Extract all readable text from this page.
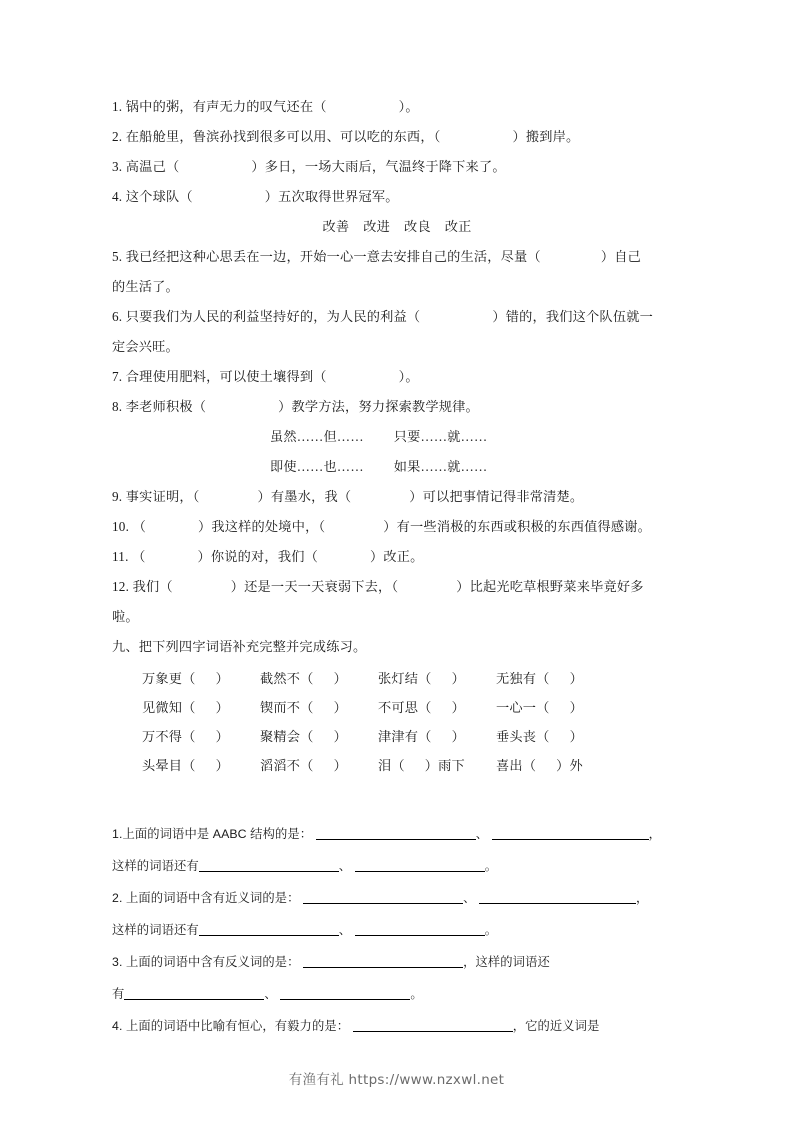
1. 锅中的粥，有声无力的叹气还在（	）。
2. 在船舱里，鲁滨孙找到很多可以用、可以吃的东西，（	）搬到岸。
3. 高温己（	）多日，一场大雨后，气温终于降下来了。
4. 这个球队（	）五次取得世界冠军。
改善 改进 改良 改正
5. 我已经把这种心思丢在一边，开始一心一意去安排自己的生活，尽量（	）自己
的生活了。
6. 只要我们为人民的利益坚持好的，为人民的利益（	）错的，我们这个队伍就一
定会兴旺。
7. 合理使用肥料，可以使土壤得到（	）。
8. 李老师积极（	）教学方法，努力探索教学规律。
虽然……但…… 只要……就……
即使……也…… 如果……就……
9. 事实证明，（	）有墨水，我（	）可以把事情记得非常清楚。
10. （	）我这样的处境中，（	）有一些消极的东西或积极的东西值得感谢。
11. （	）你说的对，我们（	）改正。
12. 我们（	）还是一天一天衰弱下去，（	）比起光吃草根野菜来毕竟好多
啦。
九、把下列四字词语补充完整并完成练习。
万象更（ ）	截然不（ ）	张灯结（ ）	无独有（ ）
见微知（ ）	锲而不（ ）	不可思（ ）	一心一（ ）
万不得（ ）	聚精会（ ）	津津有（ ）	垂头丧（ ）
头晕目（ ）	滔滔不（ ）	泪（ ）雨下	喜出（ ）外
1.上面的词语中是 AABC 结构的是：	、	，
这样的词语还有	、	。
2. 上面的词语中含有近义词的是：	、	，
这样的词语还有	、	。
3. 上面的词语中含有反义词的是：	，这样的词语还
有	、	。
4. 上面的词语中比喻有恒心，有毅力的是：	，它的近义词是
有渔有礼 https://www.nzxwl.net
